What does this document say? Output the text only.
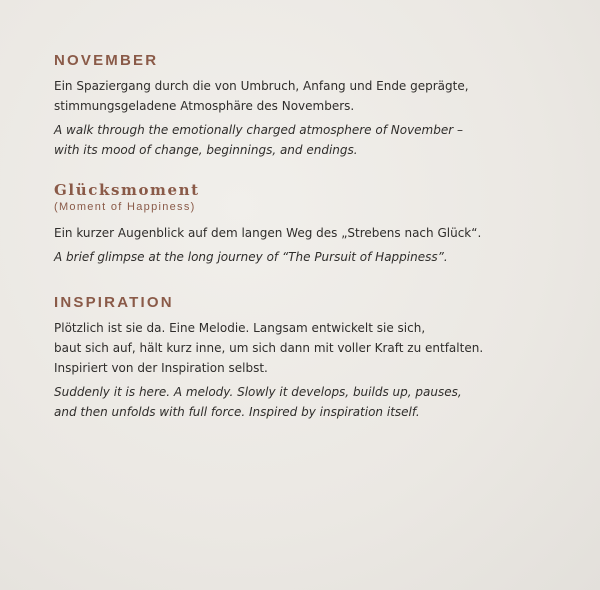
NOVEMBER

Ein Spaziergang durch die von Umbruch, Anfang und Ende geprägte,
stimmungsgeladene Atmosphäre des Novembers.

A walk through the emotionally charged atmosphere of November –
with its mood of change, beginnings, and endings.

Glücksmoment

(Moment of Happiness)

Ein kurzer Augenblick auf dem langen Weg des „Strebens nach Glück“.

A brief glimpse at the long journey of “The Pursuit of Happiness”.

INSPIRATION

Plötzlich ist sie da. Eine Melodie. Langsam entwickelt sie sich,
baut sich auf, hält kurz inne, um sich dann mit voller Kraft zu entfalten.
Inspiriert von der Inspiration selbst.

Suddenly it is here. A melody. Slowly it develops, builds up, pauses,
and then unfolds with full force. Inspired by inspiration itself.
